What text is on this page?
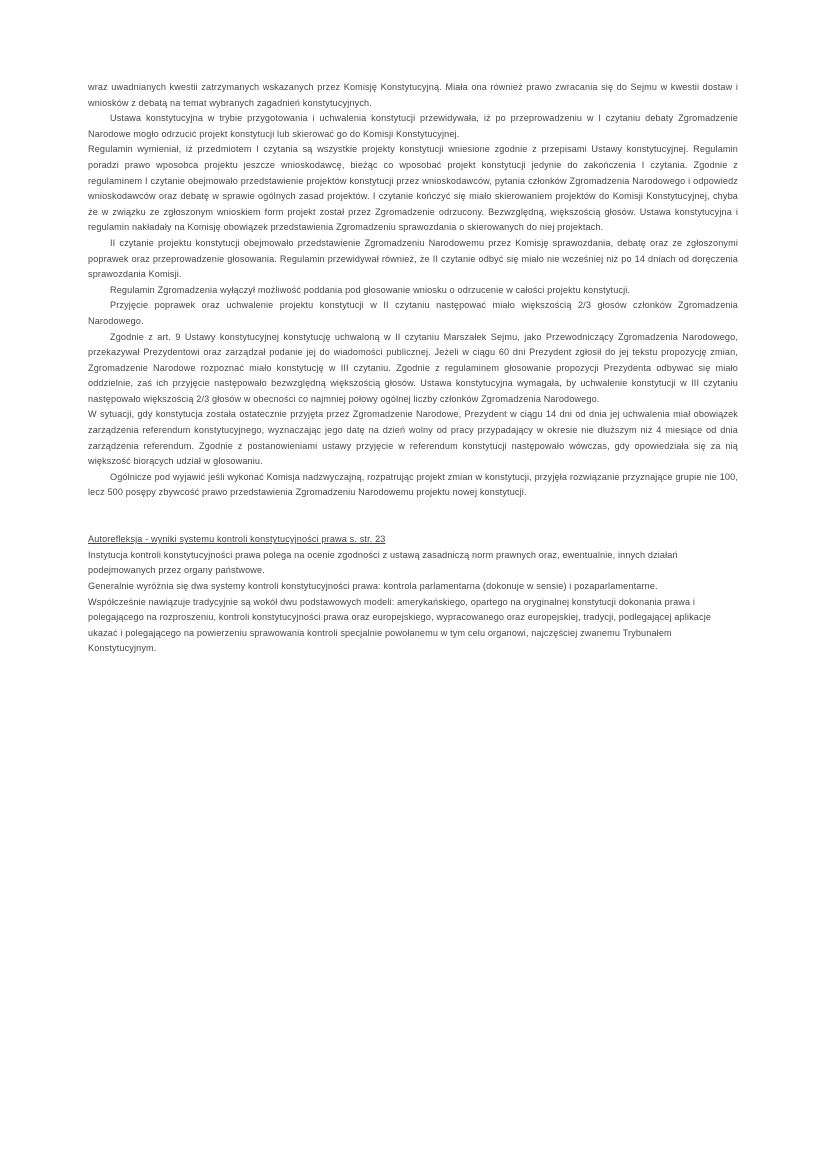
wraz uwadnianych kwestii zatrzymanych wskazanych przez Komisję Konstytucyjną. Miała ona również prawo zwracania się do Sejmu w kwestii dostaw i wniosków z debatą na temat wybranych zagadnień konstytucyjnych.

Ustawa konstytucyjna w trybie przygotowania i uchwalenia konstytucji przewidywała, iż po przeprowadzeniu w I czytaniu debaty Zgromadzenie Narodowe mogło odrzucić projekt konstytucji lub skierować go do Komisji Konstytucyjnej.

Regulamin wymieniał, iż przedmiotem I czytania są wszystkie projekty konstytucji wniesione zgodnie z przepisami Ustawy konstytucyjnej. Regulamin poradzi prawo wposobca projektu jeszcze wnioskodawcę, bieżąc co wposobać projekt konstytucji jedynie do zakończenia I czytania. Zgodnie z regulaminem I czytanie obejmowało przedstawienie projektów konstytucji przez wnioskodawców, pytania członków Zgromadzenia Narodowego i odpowiedz wnioskodawców oraz debatę w sprawie ogólnych zasad projektów. I czytanie kończyć się miało skierowaniem projektów do Komisji Konstytucyjnej, chyba że w związku ze zgłoszonym wnioskiem form projekt został przez Zgromadzenie odrzucony. Bezwzględną, większością głosów. Ustawa konstytucyjna i regulamin nakładały na Komisję obowiązek przedstawienia Zgromadzeniu sprawozdania o skierowanych do niej projektach.

II czytanie projektu konstytucji obejmowało przedstawienie Zgromadzeniu Narodowemu przez Komisję sprawozdania, debatę oraz ze zgłoszonymi poprawek oraz przeprowadzenie głosowania. Regulamin przewidywał również, że II czytanie odbyć się miało nie wcześniej niż po 14 dniach od doręczenia sprawozdania Komisji.

Regulamin Zgromadzenia wyłączył możliwość poddania pod głosowanie wniosku o odrzucenie w całości projektu konstytucji.

Przyjęcie poprawek oraz uchwalenie projektu konstytucji w II czytaniu następować miało większością 2/3 głosów członków Zgromadzenia Narodowego.

Zgodnie z art. 9 Ustawy konstytucyjnej konstytucję uchwaloną w II czytaniu Marszałek Sejmu, jako Przewodniczący Zgromadzenia Narodowego, przekazywał Prezydentowi oraz zarządzał podanie jej do wiadomości publicznej. Jeżeli w ciągu 60 dni Prezydent zgłosił do jej tekstu propozycję zmian, Zgromadzenie Narodowe rozpoznać miało konstytucję w III czytaniu. Zgodnie z regulaminem głosowanie propozycji Prezydenta odbywać się miało oddzielnie, zaś ich przyjęcie następowało bezwzględną większością głosów. Ustawa konstytucyjna wymagała, by uchwalenie konstytucji w III czytaniu następowało większością 2/3 głosów w obecności co najmniej połowy ogólnej liczby członków Zgromadzenia Narodowego.

W sytuacji, gdy konstytucja została ostatecznie przyjęta przez Zgromadzenie Narodowe, Prezydent w ciągu 14 dni od dnia jej uchwalenia miał obowiązek zarządzenia referendum konstytucyjnego, wyznaczając jego datę na dzień wolny od pracy przypadający w okresie nie dłuższym niż 4 miesiące od dnia zarządzenia referendum. Zgodnie z postanowieniami ustawy przyjęcie w referendum konstytucji następowało wówczas, gdy opowiedziała się za nią większość biorących udział w głosowaniu.

Ogólnicze pod wyjawić jeśli wykonać Komisja nadzwyczajną, rozpatrując projekt zmian w konstytucji, przyjęła rozwiązanie przyznające grupie nie 100, lecz 500 posępy zbywcość prawo przedstawienia Zgromadzeniu Narodowemu projektu nowej konstytucji.

Autorefleksja - wyniki systemu kontroli konstytucyjności prawa s. str. 23

Instytucja kontroli konstytucyjności prawa polega na ocenie zgodności z ustawą zasadniczą norm prawnych oraz, ewentualnie, innych działań podejmowanych przez organy państwowe.

Generalnie wyróżnia się dwa systemy kontroli konstytucyjności prawa: kontrola parlamentarna (dokonuje w sensie) i pozaparlamentarne.

Współcześnie nawiązuje tradycyjnie są wokół dwu podstawowych modeli: amerykańskiego, opartego na oryginalnej konstytucji dokonania prawa i polegającego na rozproszeniu, kontroli konstytucyjności prawa oraz europejskiego, wypracowanego oraz europejskiej, tradycji, podlegającej aplikacje ukazać i polegającego na powierzeniu sprawowania kontroli specjalnie powołanemu w tym celu organowi, najczęściej zwanemu Trybunałem Konstytucyjnym.
